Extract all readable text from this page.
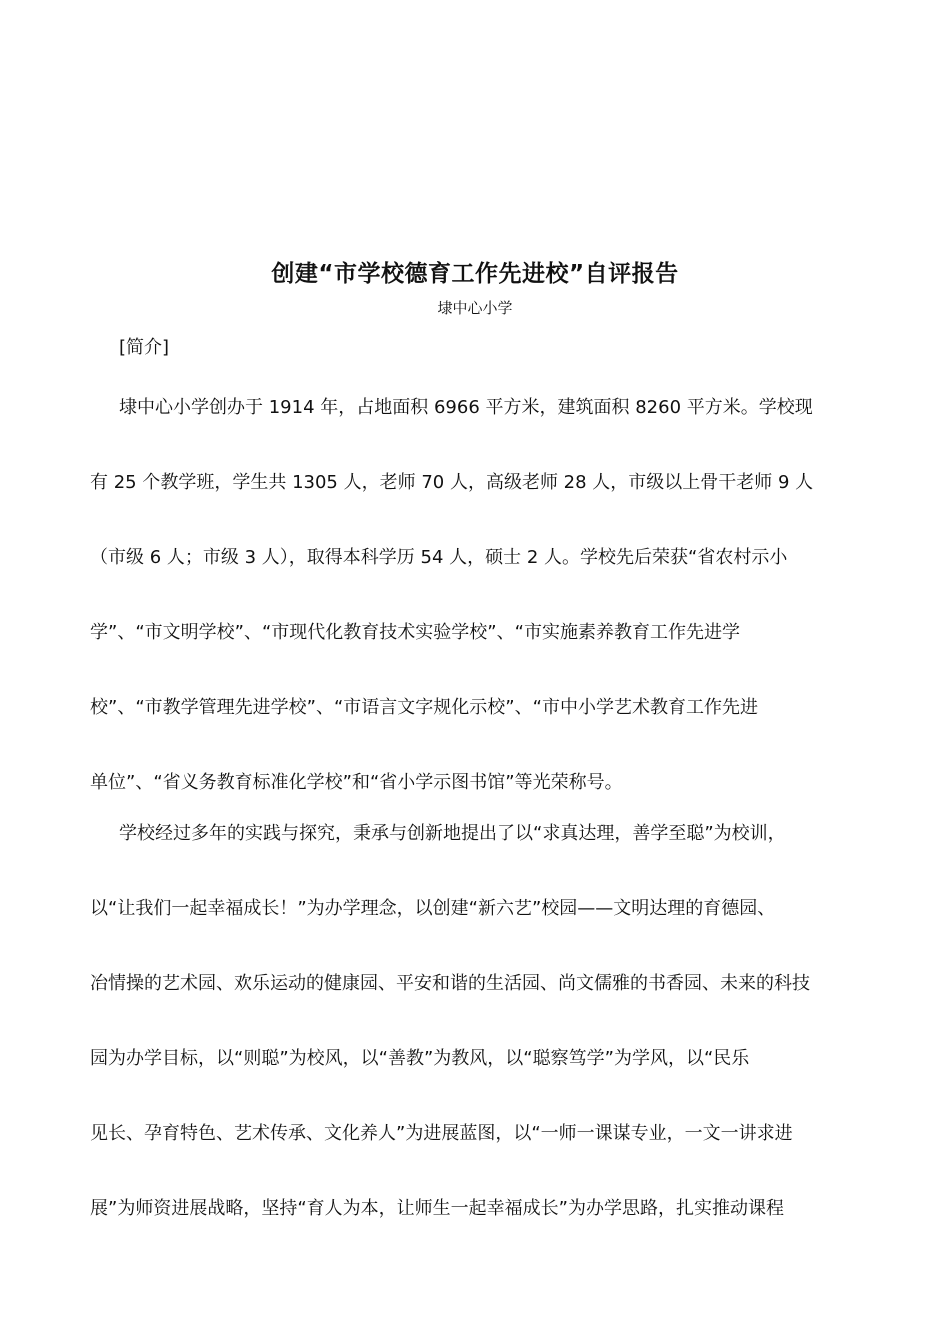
创建“市学校德育工作先进校”自评报告

埭中心小学

[简介]

埭中心小学创办于 1914 年，占地面积 6966 平方米，建筑面积 8260 平方米。学校现
有 25 个教学班，学生共 1305 人，老师 70 人，高级老师 28 人，市级以上骨干老师 9 人
（市级 6 人；市级 3 人），取得本科学历 54 人，硕士 2 人。学校先后荣获“省农村示小
学”、“市文明学校”、“市现代化教育技术实验学校”、“市实施素养教育工作先进学
校”、“市教学管理先进学校”、“市语言文字规化示校”、“市中小学艺术教育工作先进
单位”、“省义务教育标准化学校”和“省小学示图书馆”等光荣称号。
学校经过多年的实践与探究，秉承与创新地提出了以“求真达理，善学至聪”为校训，
以“让我们一起幸福成长！”为办学理念，以创建“新六艺”校园——文明达理的育德园、
冶情操的艺术园、欢乐运动的健康园、平安和谐的生活园、尚文儒雅的书香园、未来的科技
园为办学目标，以“则聪”为校风，以“善教”为教风，以“聪察笃学”为学风，以“民乐
见长、孕育特色、艺术传承、文化养人”为进展蓝图，以“一师一课谋专业，一文一讲求进
展”为师资进展战略，坚持“育人为本，让师生一起幸福成长”为办学思路，扎实推动课程
